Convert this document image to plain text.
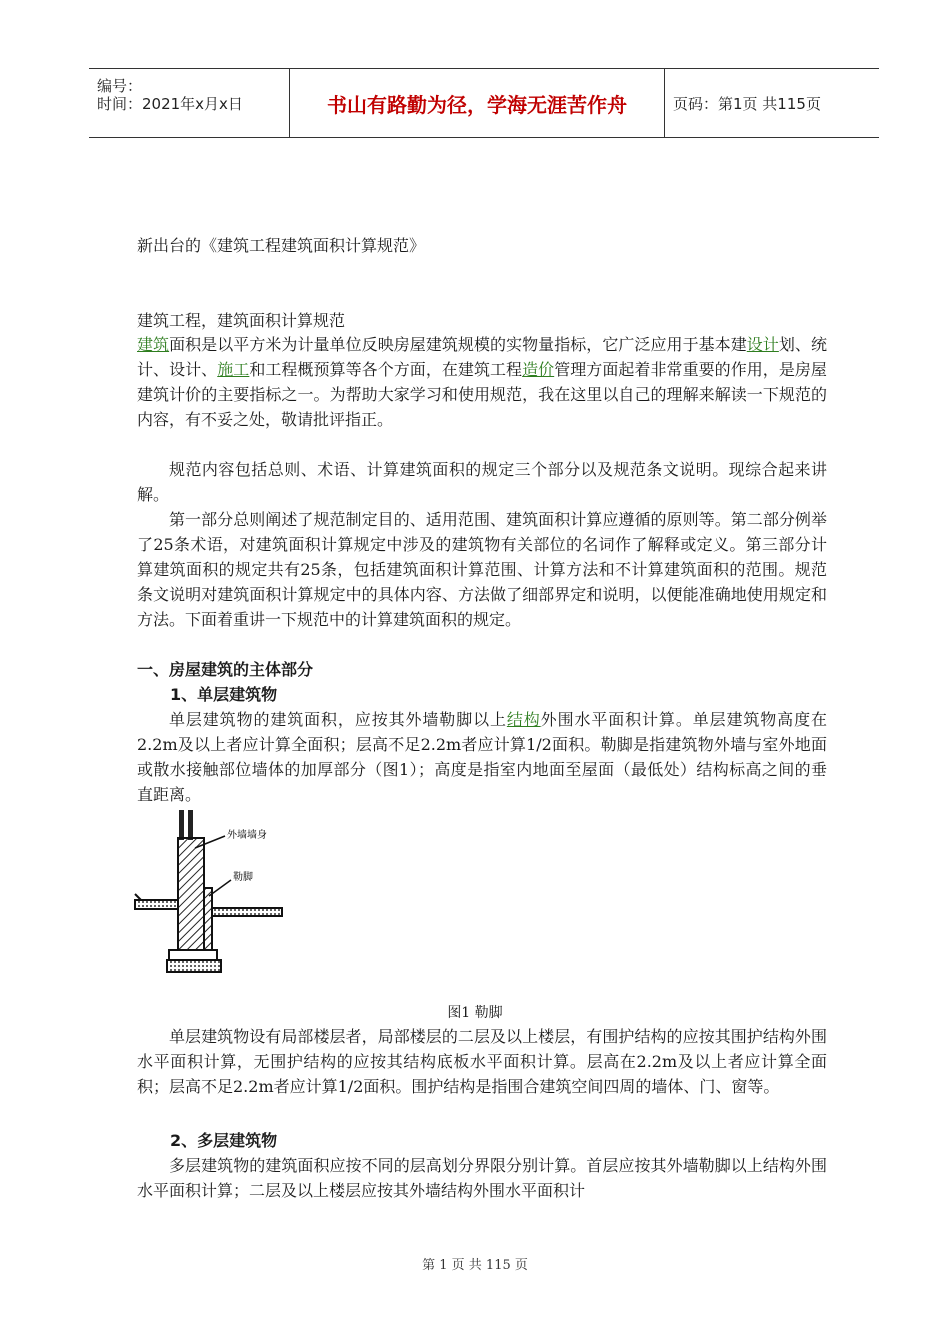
编号：
时间：2021年x月x日	书山有路勤为径，学海无涯苦作舟	页码：第1页 共115页
新出台的《建筑工程建筑面积计算规范》
建筑工程，建筑面积计算规范
建筑面积是以平方米为计量单位反映房屋建筑规模的实物量指标，它广泛应用于基本建设计划、统计、设计、施工和工程概预算等各个方面，在建筑工程造价管理方面起着非常重要的作用，是房屋建筑计价的主要指标之一。为帮助大家学习和使用规范，我在这里以自己的理解来解读一下规范的内容，有不妥之处，敬请批评指正。
规范内容包括总则、术语、计算建筑面积的规定三个部分以及规范条文说明。现综合起来讲解。
第一部分总则阐述了规范制定目的、适用范围、建筑面积计算应遵循的原则等。第二部分例举了25条术语，对建筑面积计算规定中涉及的建筑物有关部位的名词作了解释或定义。第三部分计算建筑面积的规定共有25条，包括建筑面积计算范围、计算方法和不计算建筑面积的范围。规范条文说明对建筑面积计算规定中的具体内容、方法做了细部界定和说明，以便能准确地使用规定和方法。下面着重讲一下规范中的计算建筑面积的规定。
一、房屋建筑的主体部分
1、单层建筑物
单层建筑物的建筑面积，应按其外墙勒脚以上结构外围水平面积计算。单层建筑物高度在2.2m及以上者应计算全面积；层高不足2.2m者应计算1/2面积。勒脚是指建筑物外墙与室外地面或散水接触部位墙体的加厚部分（图1）；高度是指室内地面至屋面（最低处）结构标高之间的垂直距离。
外墙墙身
勒脚
图1 勒脚
单层建筑物设有局部楼层者，局部楼层的二层及以上楼层，有围护结构的应按其围护结构外围水平面积计算，无围护结构的应按其结构底板水平面积计算。层高在2.2m及以上者应计算全面积；层高不足2.2m者应计算1/2面积。围护结构是指围合建筑空间四周的墙体、门、窗等。
2、多层建筑物
多层建筑物的建筑面积应按不同的层高划分界限分别计算。首层应按其外墙勒脚以上结构外围水平面积计算；二层及以上楼层应按其外墙结构外围水平面积计
第 1 页 共 115 页
